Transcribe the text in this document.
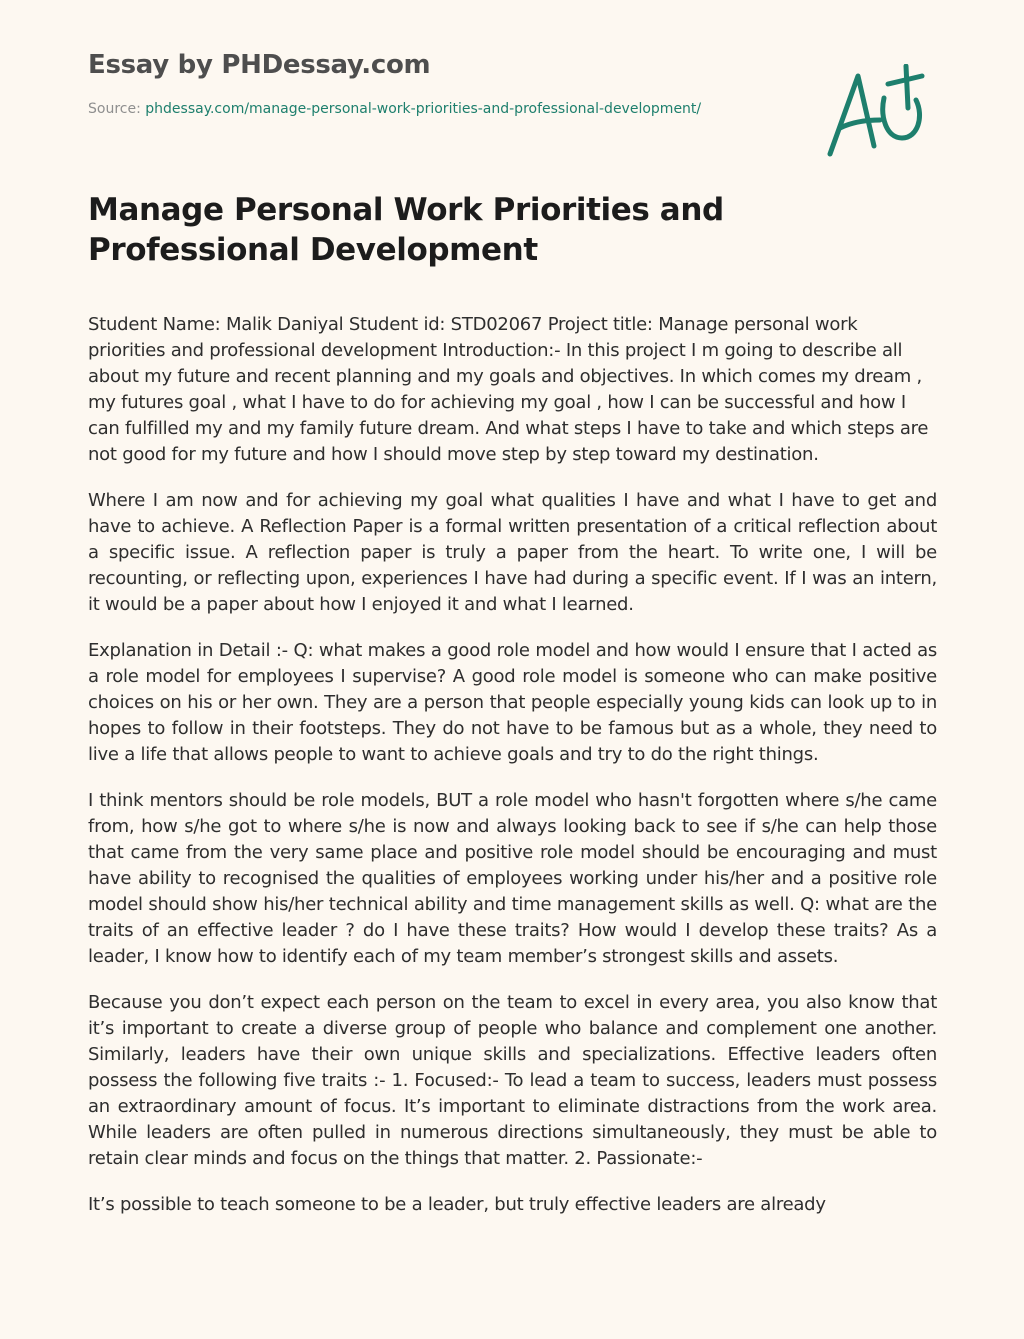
Essay by PHDessay.com
Source: phdessay.com/manage-personal-work-priorities-and-professional-development/
Manage Personal Work Priorities and Professional Development

Student Name: Malik Daniyal Student id: STD02067 Project title: Manage personal work priorities and professional development Introduction:- In this project I m going to describe all about my future and recent planning and my goals and objectives. In which comes my dream , my futures goal , what I have to do for achieving my goal , how I can be successful and how I can fulfilled my and my family future dream. And what steps I have to take and which steps are not good for my future and how I should move step by step toward my destination.

Where I am now and for achieving my goal what qualities I have and what I have to get and have to achieve. A Reflection Paper is a formal written presentation of a critical reflection about a specific issue. A reflection paper is truly a paper from the heart. To write one, I will be recounting, or reflecting upon, experiences I have had during a specific event. If I was an intern, it would be a paper about how I enjoyed it and what I learned.

Explanation in Detail :- Q: what makes a good role model and how would I ensure that I acted as a role model for employees I supervise? A good role model is someone who can make positive choices on his or her own. They are a person that people especially young kids can look up to in hopes to follow in their footsteps. They do not have to be famous but as a whole, they need to live a life that allows people to want to achieve goals and try to do the right things.

I think mentors should be role models, BUT a role model who hasn't forgotten where s/he came from, how s/he got to where s/he is now and always looking back to see if s/he can help those that came from the very same place and positive role model should be encouraging and must have ability to recognised the qualities of employees working under his/her and a positive role model should show his/her technical ability and time management skills as well. Q: what are the traits of an effective leader ? do I have these traits? How would I develop these traits? As a leader, I know how to identify each of my team member’s strongest skills and assets.

Because you don’t expect each person on the team to excel in every area, you also know that it’s important to create a diverse group of people who balance and complement one another. Similarly, leaders have their own unique skills and specializations. Effective leaders often possess the following five traits :- 1. Focused:- To lead a team to success, leaders must possess an extraordinary amount of focus. It’s important to eliminate distractions from the work area. While leaders are often pulled in numerous directions simultaneously, they must be able to retain clear minds and focus on the things that matter. 2. Passionate:-

It’s possible to teach someone to be a leader, but truly effective leaders are already
